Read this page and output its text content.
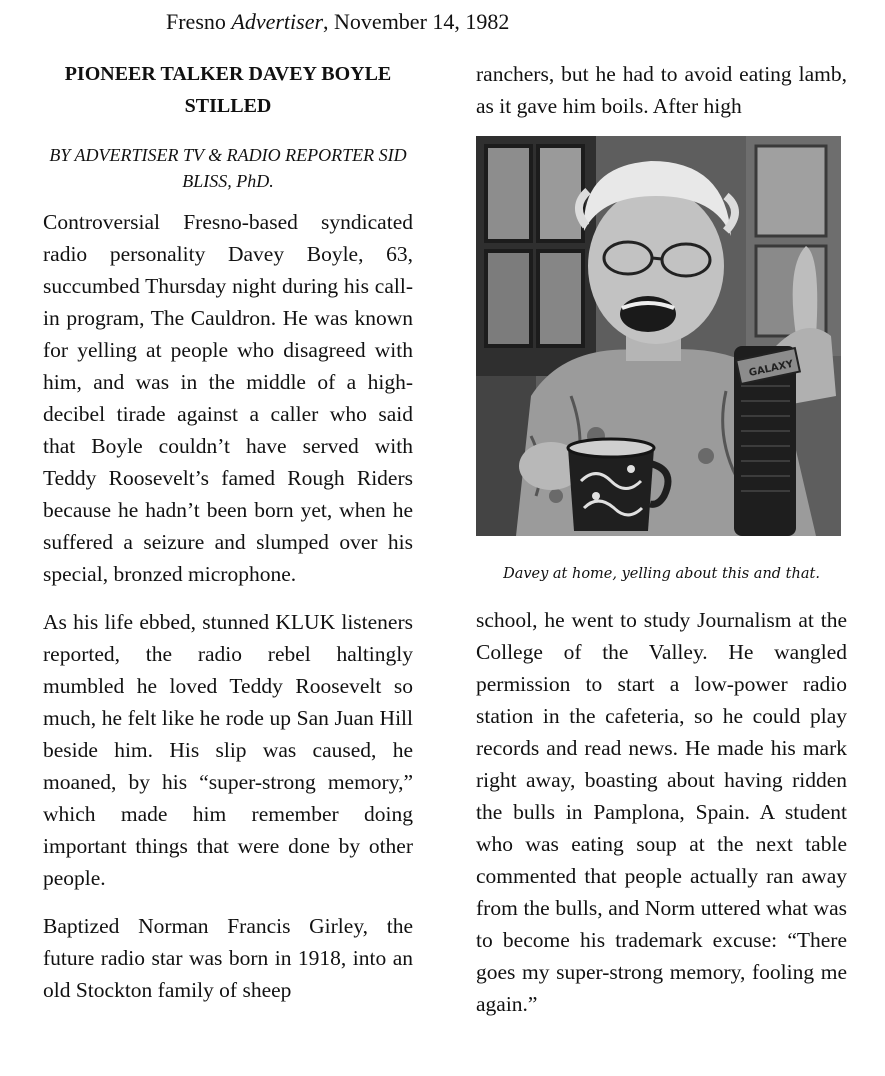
Fresno Advertiser, November 14, 1982
PIONEER TALKER DAVEY BOYLE STILLED

BY ADVERTISER TV & RADIO REPORTER SID BLISS, PhD.

Controversial Fresno-based syndicated radio personality Davey Boyle, 63, succumbed Thursday night during his call-in program, The Cauldron. He was known for yelling at people who disagreed with him, and was in the middle of a high-decibel tirade against a caller who said that Boyle couldn’t have served with Teddy Roosevelt’s famed Rough Riders because he hadn’t been born yet, when he suffered a seizure and slumped over his special, bronzed microphone.

As his life ebbed, stunned KLUK listeners reported, the radio rebel haltingly mumbled he loved Teddy Roosevelt so much, he felt like he rode up San Juan Hill beside him. His slip was caused, he moaned, by his “super-strong memory,” which made him remember doing important things that were done by other people.

Baptized Norman Francis Girley, the future radio star was born in 1918, into an old Stockton family of sheep

ranchers, but he had to avoid eating lamb, as it gave him boils. After high

GALAXY
Davey at home, yelling about this and that.

school, he went to study Journalism at the College of the Valley. He wangled permission to start a low-power radio station in the cafeteria, so he could play records and read news. He made his mark right away, boasting about having ridden the bulls in Pamplona, Spain. A student who was eating soup at the next table commented that people actually ran away from the bulls, and Norm uttered what was to become his trademark excuse: “There goes my super-strong memory, fooling me again.”
